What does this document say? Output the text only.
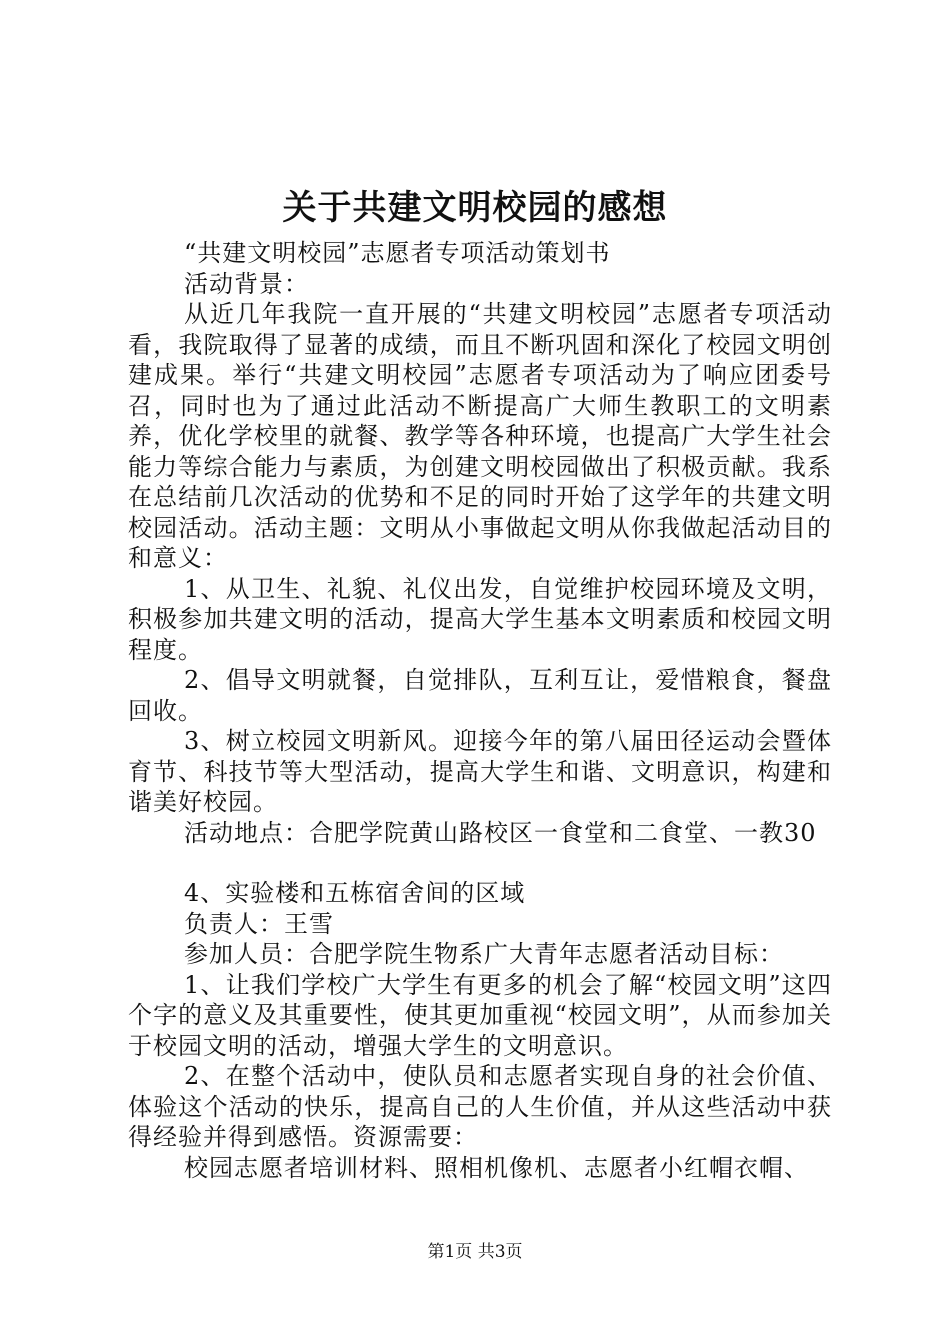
关于共建文明校园的感想

“共建文明校园”志愿者专项活动策划书

活动背景：

从近几年我院一直开展的“共建文明校园”志愿者专项活动看，我院取得了显著的成绩，而且不断巩固和深化了校园文明创建成果。举行“共建文明校园”志愿者专项活动为了响应团委号召，同时也为了通过此活动不断提高广大师生教职工的文明素养，优化学校里的就餐、教学等各种环境，也提高广大学生社会能力等综合能力与素质，为创建文明校园做出了积极贡献。我系在总结前几次活动的优势和不足的同时开始了这学年的共建文明校园活动。活动主题：文明从小事做起文明从你我做起活动目的和意义：

1、从卫生、礼貌、礼仪出发，自觉维护校园环境及文明，积极参加共建文明的活动，提高大学生基本文明素质和校园文明程度。

2、倡导文明就餐，自觉排队，互利互让，爱惜粮食，餐盘回收。

3、树立校园文明新风。迎接今年的第八届田径运动会暨体育节、科技节等大型活动，提高大学生和谐、文明意识，构建和谐美好校园。

活动地点：合肥学院黄山路校区一食堂和二食堂、一教30

4、实验楼和五栋宿舍间的区域

负责人：王雪

参加人员：合肥学院生物系广大青年志愿者活动目标：

1、让我们学校广大学生有更多的机会了解“校园文明”这四个字的意义及其重要性，使其更加重视“校园文明”，从而参加关于校园文明的活动，增强大学生的文明意识。

2、在整个活动中，使队员和志愿者实现自身的社会价值、体验这个活动的快乐，提高自己的人生价值，并从这些活动中获得经验并得到感悟。资源需要：

校园志愿者培训材料、照相机像机、志愿者小红帽衣帽、

第1页 共3页
